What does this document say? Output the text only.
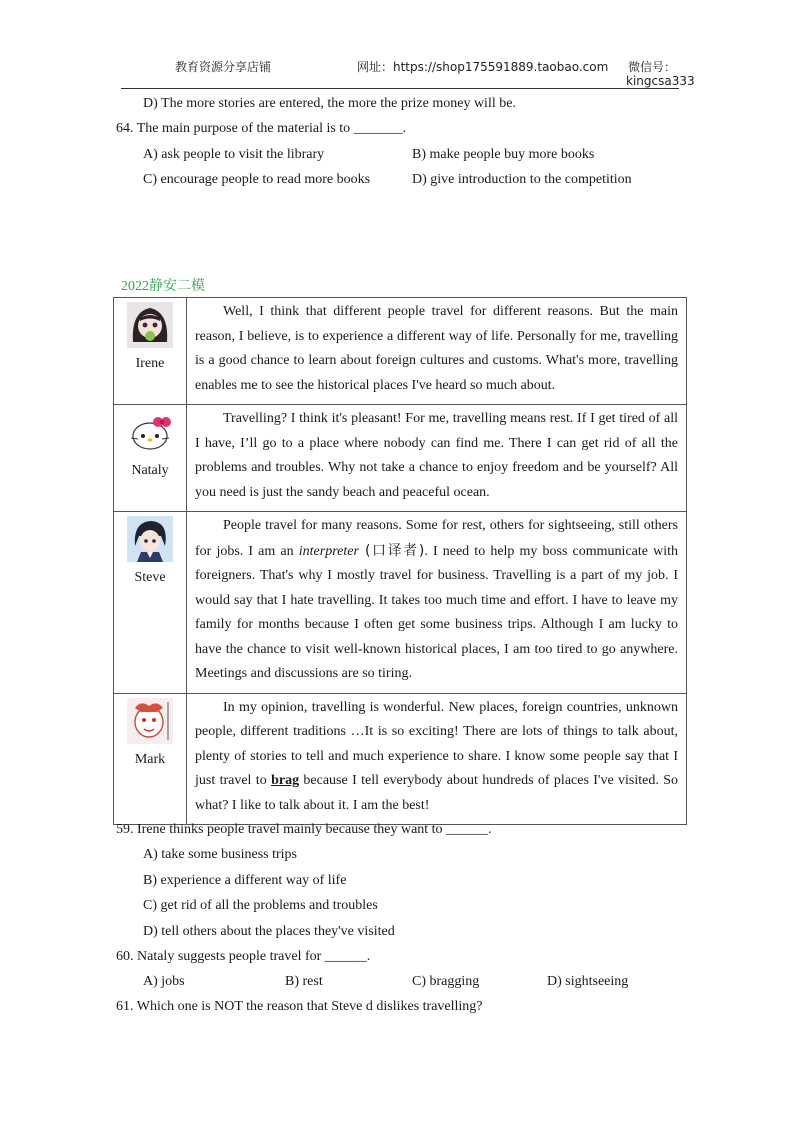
教育资源分享店铺	网址：https://shop175591889.taobao.com 微信号：
kingcsa333
D) The more stories are entered, the more the prize money will be.
64. The main purpose of the material is to _______.
A) ask people to visit the library	B) make people buy more books
C) encourage people to read more books	D) give introduction to the competition
2022静安二模
Irene	Well, I think that different people travel for different reasons. But the main reason, I believe, is to experience a different way of life. Personally for me, travelling is a good chance to learn about foreign cultures and customs. What's more, travelling enables me to see the historical places I've heard so much about.

Nataly	Travelling? I think it's pleasant! For me, travelling means rest. If I get tired of all I have, I’ll go to a place where nobody can find me. There I can get rid of all the problems and troubles. Why not take a chance to enjoy freedom and be yourself? All you need is just the sandy beach and peaceful ocean.

Steve	People travel for many reasons. Some for rest, others for sightseeing, still others for jobs. I am an interpreter (口译者). I need to help my boss communicate with foreigners. That's why I mostly travel for business. Travelling is a part of my job. I would say that I hate travelling. It takes too much time and effort. I have to leave my family for months because I often get some business trips. Although I am lucky to have the chance to visit well-known historical places, I am too tired to go anywhere. Meetings and discussions are so tiring.

Mark	In my opinion, travelling is wonderful. New places, foreign countries, unknown people, different traditions …It is so exciting! There are lots of things to talk about, plenty of stories to tell and much experience to share. I know some people say that I just travel to brag because I tell everybody about hundreds of places I've visited. So what? I like to talk about it. I am the best!
59. Irene thinks people travel mainly because they want to ______.
A) take some business trips
B) experience a different way of life
C) get rid of all the problems and troubles
D) tell others about the places they've visited
60. Nataly suggests people travel for ______.
A) jobs	B) rest	C) bragging	D) sightseeing
61. Which one is NOT the reason that Steve d dislikes travelling?
